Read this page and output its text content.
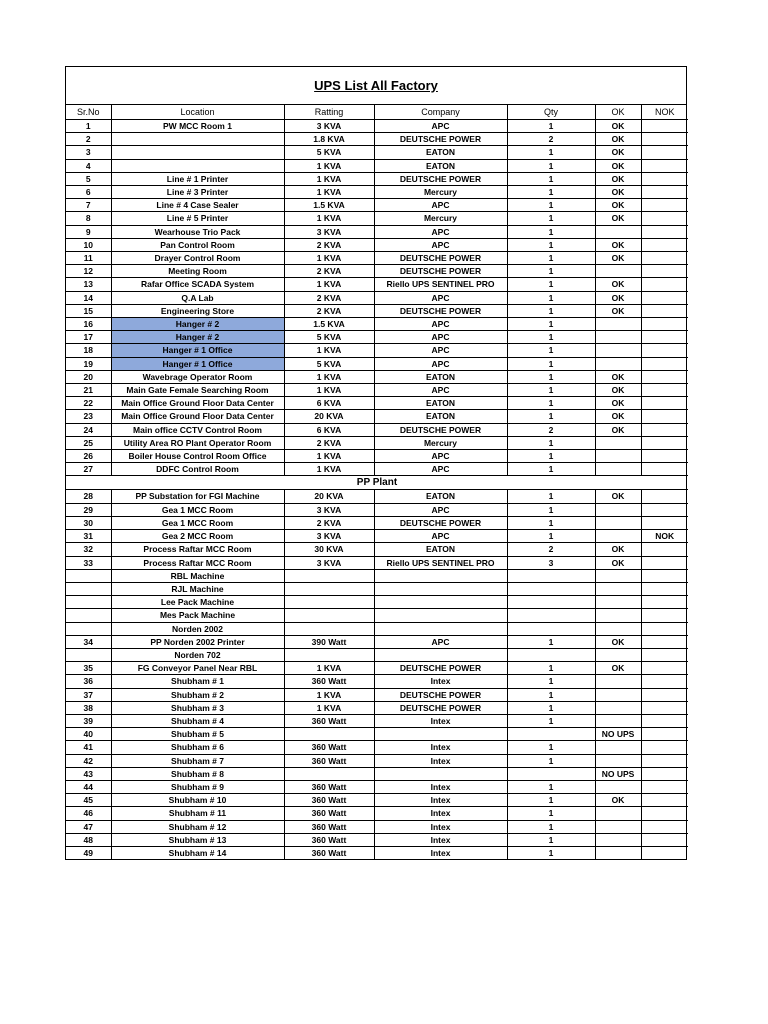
UPS List All Factory
Sr.No	Location	Ratting	Company	Qty	OK	NOK
1	PW MCC Room 1	3 KVA	APC	1	OK	
2		1.8 KVA	DEUTSCHE POWER	2	OK	
3		5 KVA	EATON	1	OK	
4		1 KVA	EATON	1	OK	
5	Line # 1 Printer	1 KVA	DEUTSCHE POWER	1	OK	
6	Line # 3 Printer	1 KVA	Mercury	1	OK	
7	Line # 4 Case Sealer	1.5 KVA	APC	1	OK	
8	Line # 5 Printer	1 KVA	Mercury	1	OK	
9	Wearhouse Trio Pack	3 KVA	APC	1		
10	Pan Control Room	2 KVA	APC	1	OK	
11	Drayer Control Room	1 KVA	DEUTSCHE POWER	1	OK	
12	Meeting Room	2 KVA	DEUTSCHE POWER	1		
13	Rafar Office SCADA System	1 KVA	Riello UPS SENTINEL PRO	1	OK	
14	Q.A Lab	2 KVA	APC	1	OK	
15	Engineering Store	2 KVA	DEUTSCHE POWER	1	OK	
16	Hanger # 2	1.5 KVA	APC	1		
17	Hanger # 2	5 KVA	APC	1		
18	Hanger # 1 Office	1 KVA	APC	1		
19	Hanger # 1 Office	5 KVA	APC	1		
20	Wavebrage Operator Room	1 KVA	EATON	1	OK	
21	Main Gate Female Searching Room	1 KVA	APC	1	OK	
22	Main Office Ground Floor Data Center	6 KVA	EATON	1	OK	
23	Main Office Ground Floor Data Center	20 KVA	EATON	1	OK	
24	Main office CCTV Control Room	6 KVA	DEUTSCHE POWER	2	OK	
25	Utility Area RO Plant Operator Room	2 KVA	Mercury	1		
26	Boiler House Control Room Office	1 KVA	APC	1		
27	DDFC Control Room	1 KVA	APC	1		
PP Plant						
28	PP Substation for FGI Machine	20 KVA	EATON	1	OK	
29	Gea 1 MCC Room	3 KVA	APC	1		
30	Gea 1 MCC Room	2 KVA	DEUTSCHE POWER	1		
31	Gea 2 MCC Room	3 KVA	APC	1		NOK
32	Process Raftar MCC Room	30 KVA	EATON	2	OK	
33	Process Raftar MCC Room	3 KVA	Riello UPS SENTINEL PRO	3	OK	
	RBL Machine					
	RJL Machine					
	Lee Pack Machine					
	Mes Pack Machine					
	Norden 2002					
34	PP Norden 2002 Printer	390 Watt	APC	1	OK	
	Norden 702					
35	FG Conveyor Panel Near RBL	1 KVA	DEUTSCHE POWER	1	OK	
36	Shubham # 1	360 Watt	Intex	1		
37	Shubham # 2	1 KVA	DEUTSCHE POWER	1		
38	Shubham # 3	1 KVA	DEUTSCHE POWER	1		
39	Shubham # 4	360 Watt	Intex	1		
40	Shubham # 5				NO UPS	
41	Shubham # 6	360 Watt	Intex	1		
42	Shubham # 7	360 Watt	Intex	1		
43	Shubham # 8				NO UPS	
44	Shubham # 9	360 Watt	Intex	1		
45	Shubham # 10	360 Watt	Intex	1	OK	
46	Shubham # 11	360 Watt	Intex	1		
47	Shubham # 12	360 Watt	Intex	1		
48	Shubham # 13	360 Watt	Intex	1		
49	Shubham # 14	360 Watt	Intex	1		
